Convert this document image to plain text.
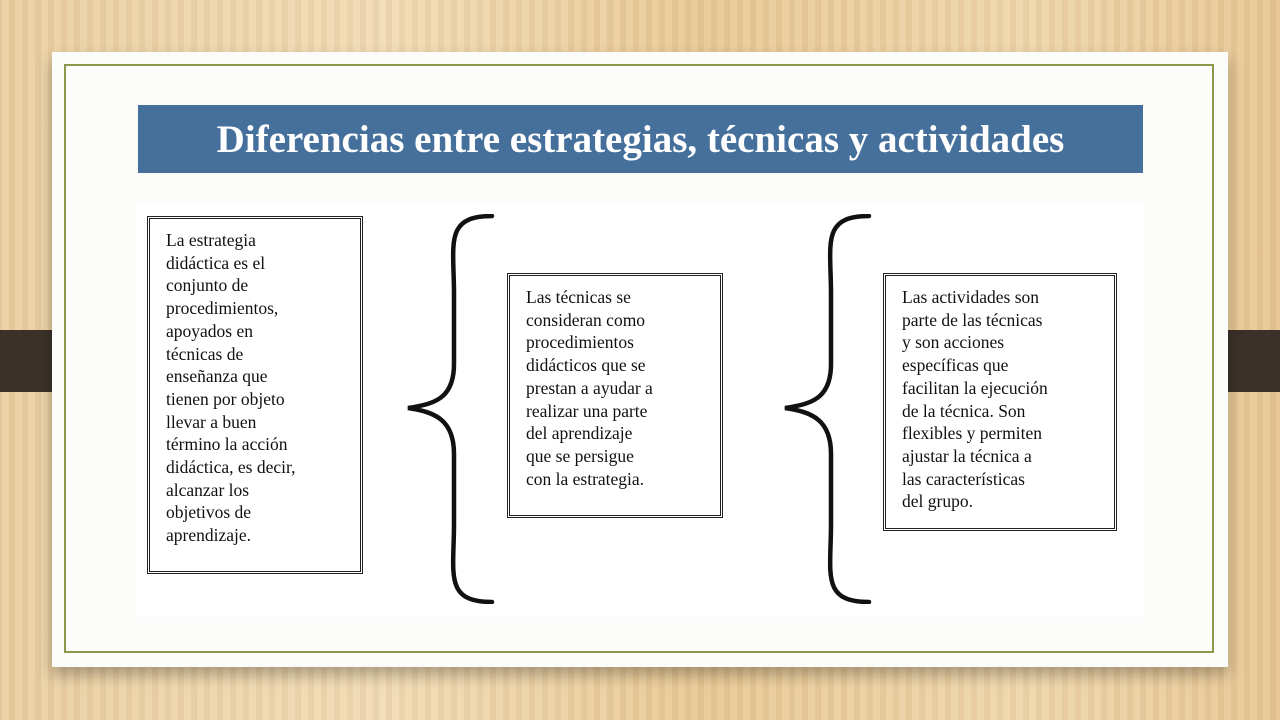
Diferencias entre estrategias, técnicas y actividades
La estrategia
didáctica es el
conjunto de
procedimientos,
apoyados en
técnicas de
enseñanza que
tienen por objeto
llevar a buen
término la acción
didáctica, es decir,
alcanzar los
objetivos de
aprendizaje.
Las técnicas se
consideran como
procedimientos
didácticos que se
prestan a ayudar a
realizar una parte
del aprendizaje
que se persigue
con la estrategia.
Las actividades son
parte de las técnicas
y son acciones
específicas que
facilitan la ejecución
de la técnica. Son
flexibles y permiten
ajustar la técnica a
las características
del grupo.
